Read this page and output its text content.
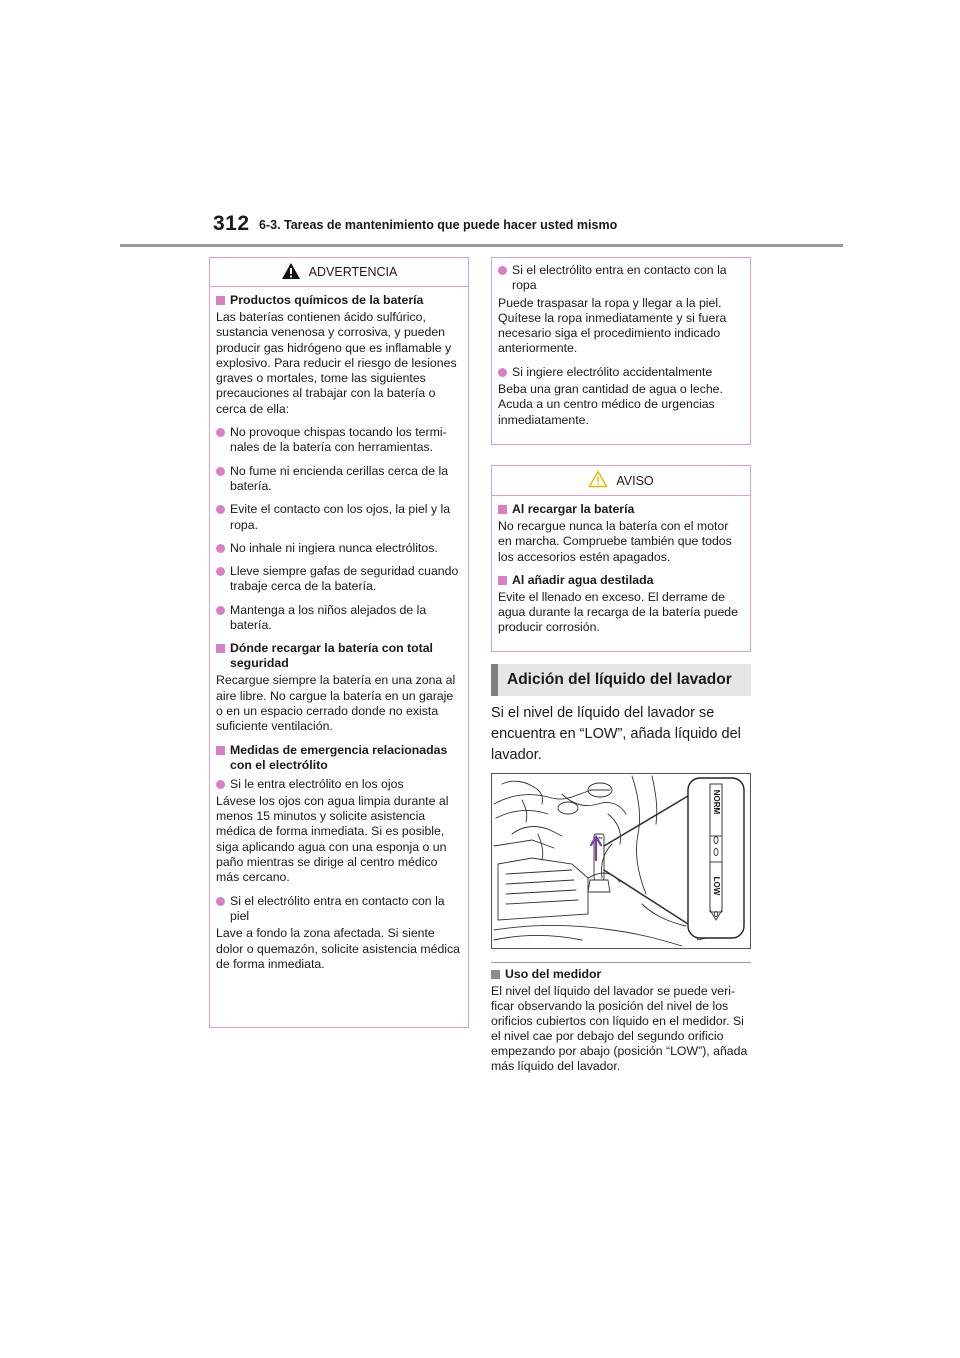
312 6-3. Tareas de mantenimiento que puede hacer usted mismo
ADVERTENCIA
Productos químicos de la batería
Las baterías contienen ácido sulfúrico, sustancia venenosa y corrosiva, y pueden producir gas hidrógeno que es inflamable y explosivo. Para reducir el riesgo de lesiones graves o mortales, tome las siguientes precauciones al trabajar con la batería o cerca de ella:
No provoque chispas tocando los termi-nales de la batería con herramientas.
No fume ni encienda cerillas cerca de la batería.
Evite el contacto con los ojos, la piel y la ropa.
No inhale ni ingiera nunca electrólitos.
Lleve siempre gafas de seguridad cuando trabaje cerca de la batería.
Mantenga a los niños alejados de la batería.
Dónde recargar la batería con total seguridad
Recargue siempre la batería en una zona al aire libre. No cargue la batería en un garaje o en un espacio cerrado donde no exista suficiente ventilación.
Medidas de emergencia relacionadas con el electrólito
Si le entra electrólito en los ojos
Lávese los ojos con agua limpia durante al menos 15 minutos y solicite asistencia médica de forma inmediata. Si es posible, siga aplicando agua con una esponja o un paño mientras se dirige al centro médico más cercano.
Si el electrólito entra en contacto con la piel
Lave a fondo la zona afectada. Si siente dolor o quemazón, solicite asistencia médica de forma inmediata.
Si el electrólito entra en contacto con la ropa
Puede traspasar la ropa y llegar a la piel. Quítese la ropa inmediatamente y si fuera necesario siga el procedimiento indicado anteriormente.
Si ingiere electrólito accidentalmente
Beba una gran cantidad de agua o leche. Acuda a un centro médico de urgencias inmediatamente.
AVISO
Al recargar la batería
No recargue nunca la batería con el motor en marcha. Compruebe también que todos los accesorios estén apagados.
Al añadir agua destilada
Evite el llenado en exceso. El derrame de agua durante la recarga de la batería puede producir corrosión.
Adición del líquido del lavador
Si el nivel de líquido del lavador se encuentra en “LOW”, añada líquido del lavador.
NORM
LOW
Uso del medidor
El nivel del líquido del lavador se puede veri-ficar observando la posición del nivel de los orificios cubiertos con líquido en el medidor. Si el nivel cae por debajo del segundo orificio empezando por abajo (posición “LOW”), añada más líquido del lavador.
